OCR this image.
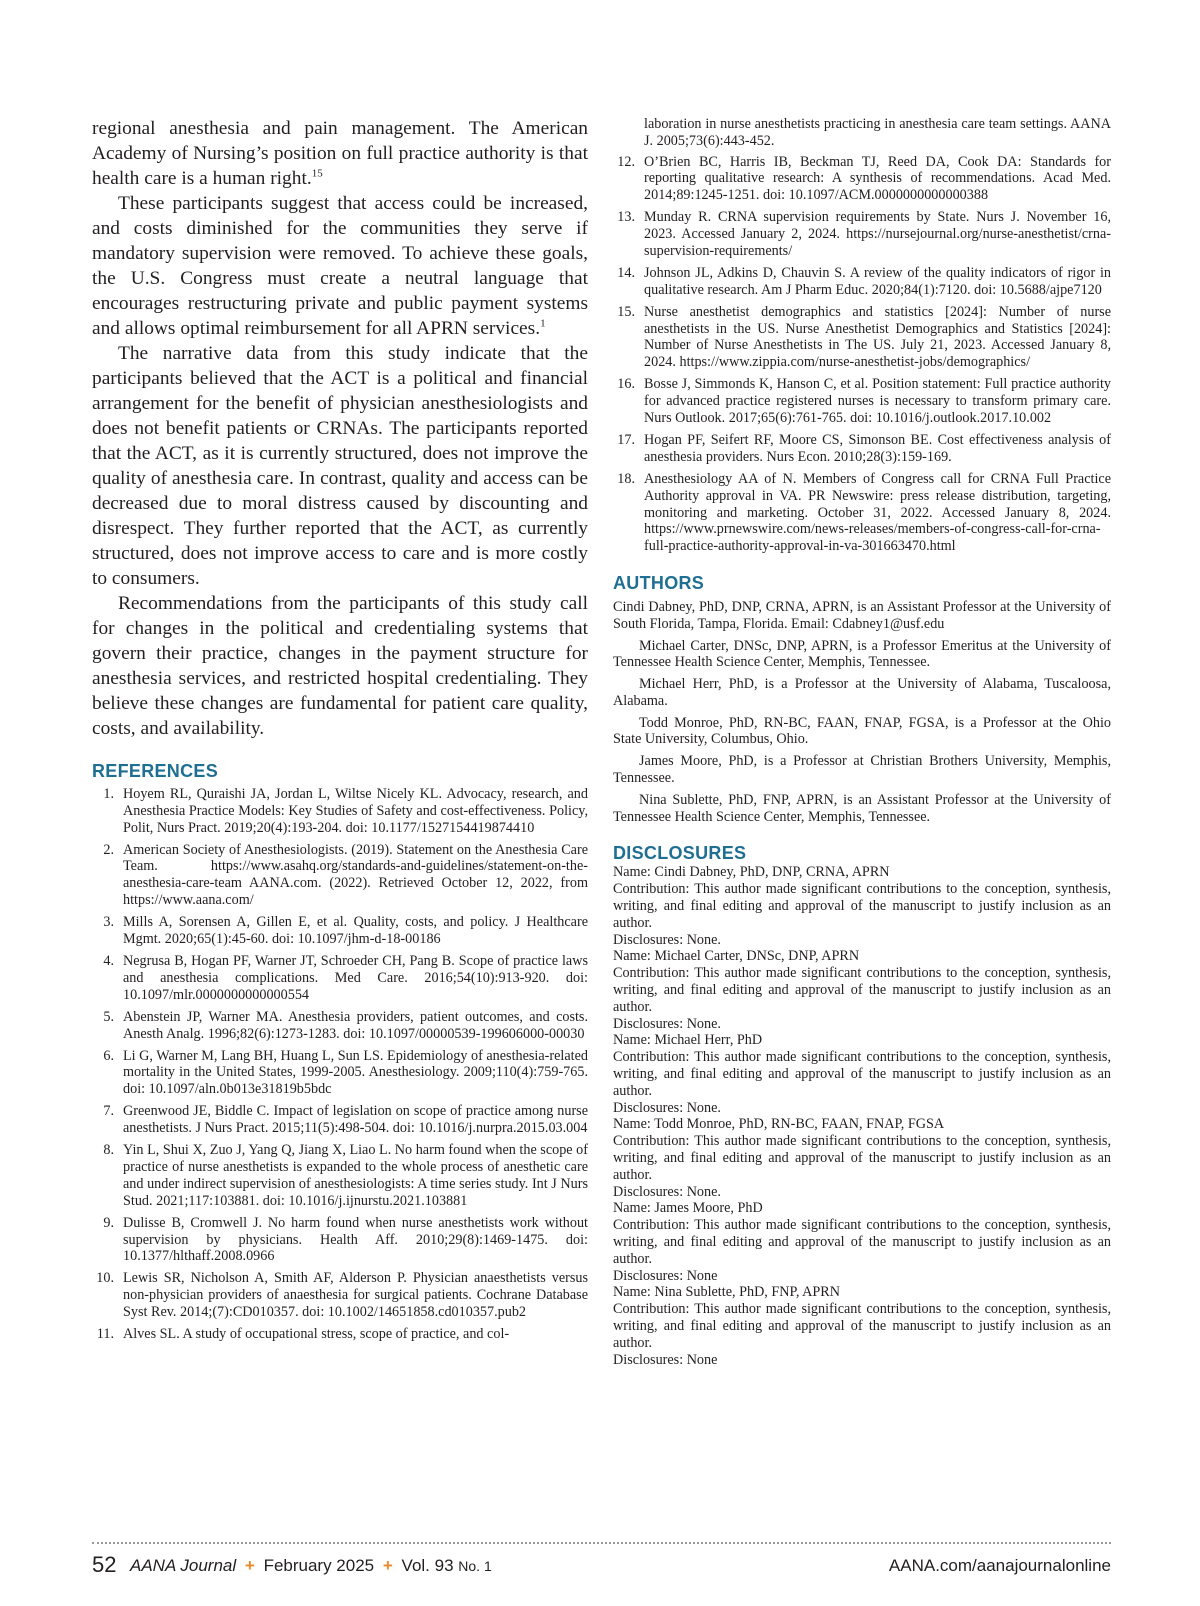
regional anesthesia and pain management. The American Academy of Nursing’s position on full practice authority is that health care is a human right.$^{15}$

These participants suggest that access could be increased, and costs diminished for the communities they serve if mandatory supervision were removed. To achieve these goals, the U.S. Congress must create a neutral language that encourages restructuring private and public payment systems and allows optimal reimbursement for all APRN services.$^1$

The narrative data from this study indicate that the participants believed that the ACT is a political and financial arrangement for the benefit of physician anesthesiologists and does not benefit patients or CRNAs. The participants reported that the ACT, as it is currently structured, does not improve the quality of anesthesia care. In contrast, quality and access can be decreased due to moral distress caused by discounting and disrespect. They further reported that the ACT, as currently structured, does not improve access to care and is more costly to consumers.

Recommendations from the participants of this study call for changes in the political and credentialing systems that govern their practice, changes in the payment structure for anesthesia services, and restricted hospital credentialing. They believe these changes are fundamental for patient care quality, costs, and availability.

REFERENCES
1. Hoyem RL, Quraishi JA, Jordan L, Wiltse Nicely KL. Advocacy, research, and Anesthesia Practice Models: Key Studies of Safety and cost-effectiveness. Policy, Polit, Nurs Pract. 2019;20(4):193-204. doi: 10.1177/1527154419874410
2. American Society of Anesthesiologists. (2019). Statement on the Anesthesia Care Team. https://www.asahq.org/standards-and-guidelines/statement-on-the-anesthesia-care-team AANA.com. (2022). Retrieved October 12, 2022, from https://www.aana.com/
3. Mills A, Sorensen A, Gillen E, et al. Quality, costs, and policy. J Healthcare Mgmt. 2020;65(1):45-60. doi: 10.1097/jhm-d-18-00186
4. Negrusa B, Hogan PF, Warner JT, Schroeder CH, Pang B. Scope of practice laws and anesthesia complications. Med Care. 2016;54(10):913-920. doi: 10.1097/mlr.0000000000000554
5. Abenstein JP, Warner MA. Anesthesia providers, patient outcomes, and costs. Anesth Analg. 1996;82(6):1273-1283. doi: 10.1097/00000539-199606000-00030
6. Li G, Warner M, Lang BH, Huang L, Sun LS. Epidemiology of anesthesia-related mortality in the United States, 1999-2005. Anesthesiology. 2009;110(4):759-765. doi: 10.1097/aln.0b013e31819b5bdc
7. Greenwood JE, Biddle C. Impact of legislation on scope of practice among nurse anesthetists. J Nurs Pract. 2015;11(5):498-504. doi: 10.1016/j.nurpra.2015.03.004
8. Yin L, Shui X, Zuo J, Yang Q, Jiang X, Liao L. No harm found when the scope of practice of nurse anesthetists is expanded to the whole process of anesthetic care and under indirect supervision of anesthesiologists: A time series study. Int J Nurs Stud. 2021;117:103881. doi: 10.1016/j.ijnurstu.2021.103881
9. Dulisse B, Cromwell J. No harm found when nurse anesthetists work without supervision by physicians. Health Aff. 2010;29(8):1469-1475. doi: 10.1377/hlthaff.2008.0966
10. Lewis SR, Nicholson A, Smith AF, Alderson P. Physician anaesthetists versus non-physician providers of anaesthesia for surgical patients. Cochrane Database Syst Rev. 2014;(7):CD010357. doi: 10.1002/14651858.cd010357.pub2
11. Alves SL. A study of occupational stress, scope of practice, and col-
laboration in nurse anesthetists practicing in anesthesia care team settings. AANA J. 2005;73(6):443-452.
12. O’Brien BC, Harris IB, Beckman TJ, Reed DA, Cook DA: Standards for reporting qualitative research: A synthesis of recommendations. Acad Med. 2014;89:1245-1251. doi: 10.1097/ACM.0000000000000388
13. Munday R. CRNA supervision requirements by State. Nurs J. November 16, 2023. Accessed January 2, 2024. https://nursejournal.org/nurse-anesthetist/crna-supervision-requirements/
14. Johnson JL, Adkins D, Chauvin S. A review of the quality indicators of rigor in qualitative research. Am J Pharm Educ. 2020;84(1):7120. doi: 10.5688/ajpe7120
15. Nurse anesthetist demographics and statistics [2024]: Number of nurse anesthetists in the US. Nurse Anesthetist Demographics and Statistics [2024]: Number of Nurse Anesthetists in The US. July 21, 2023. Accessed January 8, 2024. https://www.zippia.com/nurse-anesthetist-jobs/demographics/
16. Bosse J, Simmonds K, Hanson C, et al. Position statement: Full practice authority for advanced practice registered nurses is necessary to transform primary care. Nurs Outlook. 2017;65(6):761-765. doi: 10.1016/j.outlook.2017.10.002
17. Hogan PF, Seifert RF, Moore CS, Simonson BE. Cost effectiveness analysis of anesthesia providers. Nurs Econ. 2010;28(3):159-169.
18. Anesthesiology AA of N. Members of Congress call for CRNA Full Practice Authority approval in VA. PR Newswire: press release distribution, targeting, monitoring and marketing. October 31, 2022. Accessed January 8, 2024. https://www.prnewswire.com/news-releases/members-of-congress-call-for-crna-full-practice-authority-approval-in-va-301663470.html
AUTHORS

Cindi Dabney, PhD, DNP, CRNA, APRN, is an Assistant Professor at the University of South Florida, Tampa, Florida. Email: Cdabney1@usf.edu

Michael Carter, DNSc, DNP, APRN, is a Professor Emeritus at the University of Tennessee Health Science Center, Memphis, Tennessee.

Michael Herr, PhD, is a Professor at the University of Alabama, Tuscaloosa, Alabama.

Todd Monroe, PhD, RN-BC, FAAN, FNAP, FGSA, is a Professor at the Ohio State University, Columbus, Ohio.

James Moore, PhD, is a Professor at Christian Brothers University, Memphis, Tennessee.

Nina Sublette, PhD, FNP, APRN, is an Assistant Professor at the University of Tennessee Health Science Center, Memphis, Tennessee.

DISCLOSURES
Name: Cindi Dabney, PhD, DNP, CRNA, APRN
Contribution: This author made significant contributions to the conception, synthesis, writing, and final editing and approval of the manuscript to justify inclusion as an author.
Disclosures: None.
Name: Michael Carter, DNSc, DNP, APRN
Contribution: This author made significant contributions to the conception, synthesis, writing, and final editing and approval of the manuscript to justify inclusion as an author.
Disclosures: None.
Name: Michael Herr, PhD
Contribution: This author made significant contributions to the conception, synthesis, writing, and final editing and approval of the manuscript to justify inclusion as an author.
Disclosures: None.
Name: Todd Monroe, PhD, RN-BC, FAAN, FNAP, FGSA
Contribution: This author made significant contributions to the conception, synthesis, writing, and final editing and approval of the manuscript to justify inclusion as an author.
Disclosures: None.
Name: James Moore, PhD
Contribution: This author made significant contributions to the conception, synthesis, writing, and final editing and approval of the manuscript to justify inclusion as an author.
Disclosures: None
Name: Nina Sublette, PhD, FNP, APRN
Contribution: This author made significant contributions to the conception, synthesis, writing, and final editing and approval of the manuscript to justify inclusion as an author.
Disclosures: None
52 AANA Journal + February 2025 + Vol. 93 No. 1	AANA.com/aanajournalonline
